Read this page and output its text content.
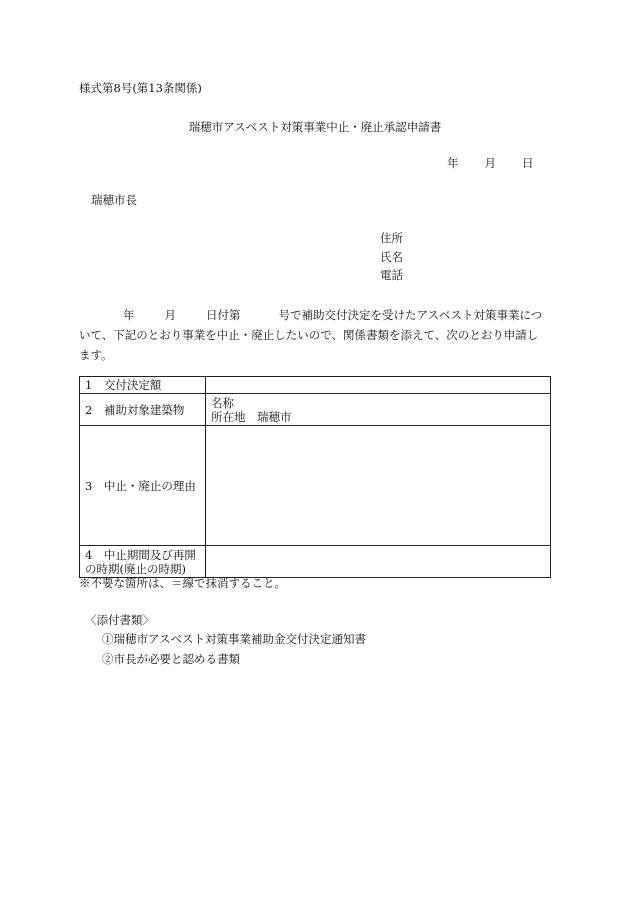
様式第8号(第13条関係)
瑞穂市アスベスト対策事業中止・廃止承認申請書
年 月 日
瑞穂市長
住所
氏名
電話
年	月	日付第	号で補助交付決定を受けたアスベスト対策事業について、下記のとおり事業を中止・廃止したいので、関係書類を添えて、次のとおり申請します。
1　交付決定額	
2　補助対象建築物	名称
所在地　 瑞穂市

3　中止・廃止の理由	

4　中止期間及び再開
の時期(廃止の時期)	

※不要な箇所は、＝線で抹消すること。
〈添付書類〉
①瑞穂市アスベスト対策事業補助金交付決定通知書
②市長が必要と認める書類
